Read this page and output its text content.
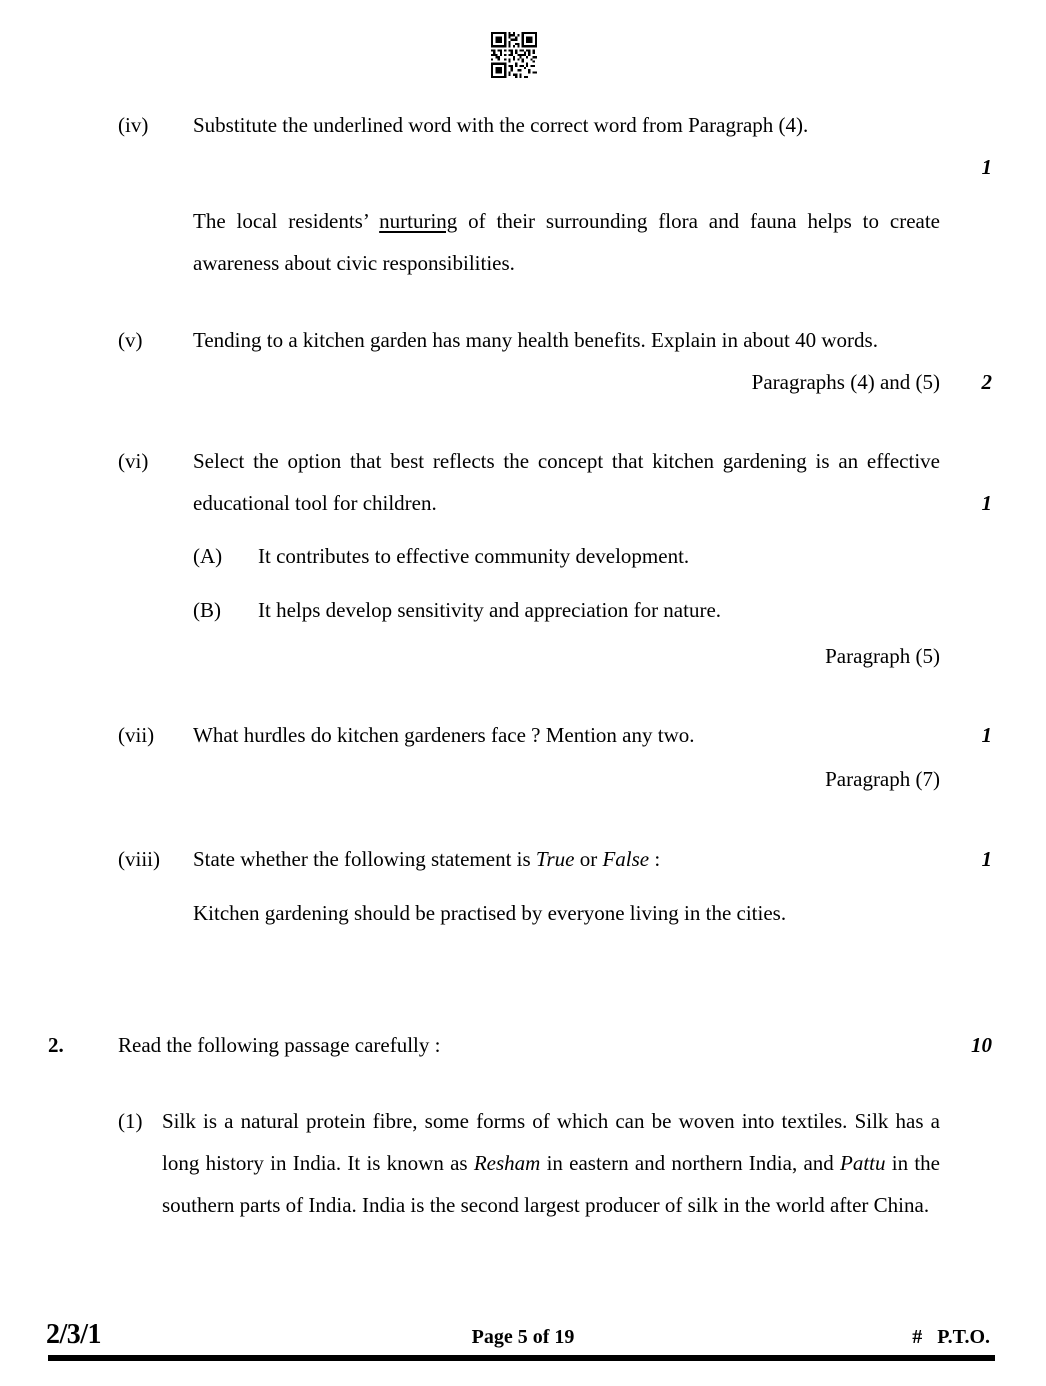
(iv)
1
Substitute the underlined word with the correct word from Paragraph (4).
The local residents’ nurturing of their surrounding flora and fauna helps to create awareness about civic responsibilities.
(v)
2
Tending to a kitchen garden has many health benefits. Explain in about 40 words.
Paragraphs (4) and (5)
(vi)
1
Select the option that best reflects the concept that kitchen gardening is an effective educational tool for children.
(A)	It contributes to effective community development.
(B)	It helps develop sensitivity and appreciation for nature.
Paragraph (5)
(vii)	1
What hurdles do kitchen gardeners face ? Mention any two.
Paragraph (7)
(viii)	1
State whether the following statement is True or False :
Kitchen gardening should be practised by everyone living in the cities.
2.	10
Read the following passage carefully :
(1) Silk is a natural protein fibre, some forms of which can be woven into textiles. Silk has a long history in India. It is known as Resham in eastern and northern India, and Pattu in the southern parts of India. India is the second largest producer of silk in the world after China.
2/3/1	Page 5 of 19	#   P.T.O.
